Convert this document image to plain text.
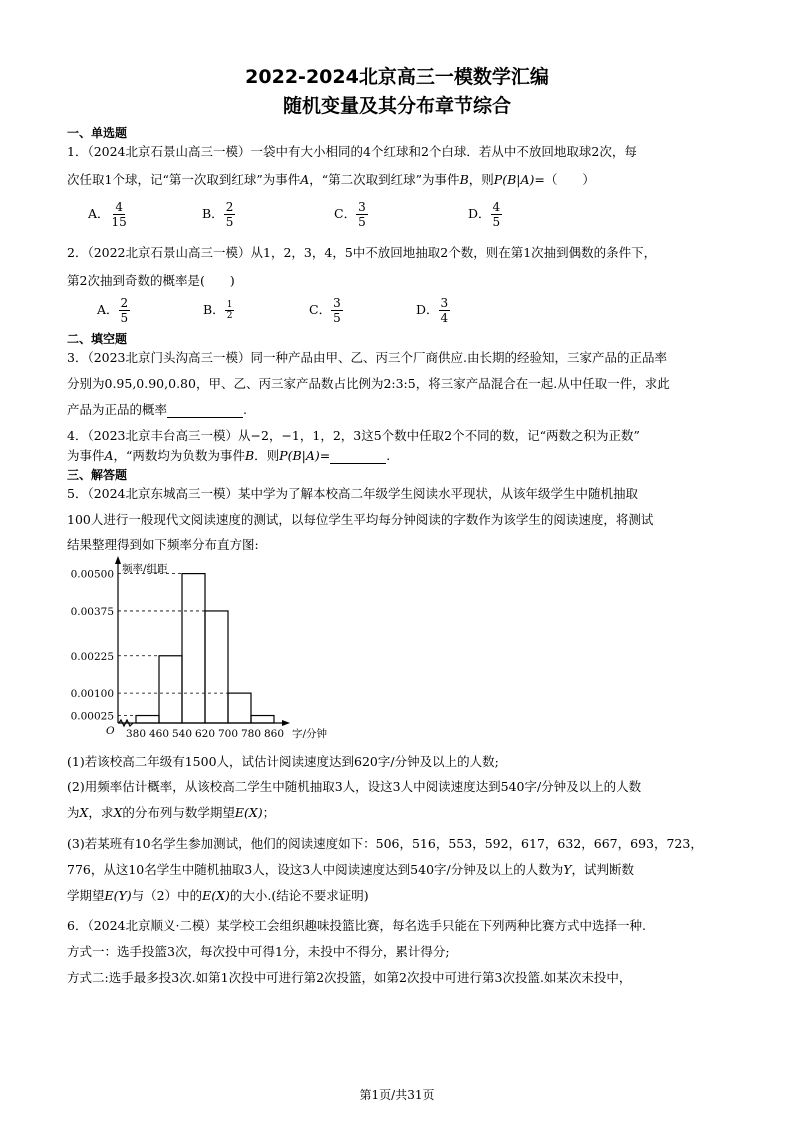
2022-2024北京高三一模数学汇编
随机变量及其分布章节综合
一、单选题
1．（2024北京石景山高三一模）一袋中有大小相同的4个红球和2个白球．若从中不放回地取球2次，每
次任取1个球，记“第一次取到红球”为事件A，“第二次取到红球”为事件B，则P(B|A)=（　　）
A． $\frac{4}{15}$	B． $\frac{2}{5}$	C． $\frac{3}{5}$	D． $\frac{4}{5}$
2．（2022北京石景山高三一模）从1，2，3，4，5中不放回地抽取2个数，则在第1次抽到偶数的条件下，
第2次抽到奇数的概率是(　　)
A． $\frac{2}{5}$	B． $\frac{1}{2}$	C． $\frac{3}{5}$	D． $\frac{3}{4}$
二、填空题
3．（2023北京门头沟高三一模）同一种产品由甲、乙、丙三个厂商供应.由长期的经验知，三家产品的正品率
分别为0.95,0.90,0.80，甲、乙、丙三家产品数占比例为2:3:5，将三家产品混合在一起.从中任取一件，求此
产品为正品的概率	.
4．（2023北京丰台高三一模）从−2，−1，1，2，3这5个数中任取2个不同的数，记“两数之积为正数”
为事件A，“两数均为负数为事件B．则P(B|A)=	.
三、解答题
5．（2024北京东城高三一模）某中学为了解本校高二年级学生阅读水平现状，从该年级学生中随机抽取
100人进行一般现代文阅读速度的测试，以每位学生平均每分钟阅读的字数作为该学生的阅读速度，将测试
结果整理得到如下频率分布直方图:
0.00025
0.00100
0.00225
0.00375
0.00500
380 460 540 620 700 780 860
频率/组距
字/分钟
O
(1)若该校高二年级有1500人，试估计阅读速度达到620字/分钟及以上的人数;
(2)用频率估计概率，从该校高二学生中随机抽取3人，设这3人中阅读速度达到540字/分钟及以上的人数
为X，求X的分布列与数学期望E(X)；
(3)若某班有10名学生参加测试，他们的阅读速度如下：506，516，553，592，617，632，667，693，723，
776，从这10名学生中随机抽取3人，设这3人中阅读速度达到540字/分钟及以上的人数为Y，试判断数
学期望E(Y)与（2）中的E(X)的大小.(结论不要求证明)
6．（2024北京顺义·二模）某学校工会组织趣味投篮比赛，每名选手只能在下列两种比赛方式中选择一种.
方式一：选手投篮3次，每次投中可得1分，未投中不得分，累计得分;
方式二:选手最多投3次.如第1次投中可进行第2次投篮，如第2次投中可进行第3次投篮.如某次未投中，
第1页/共31页
